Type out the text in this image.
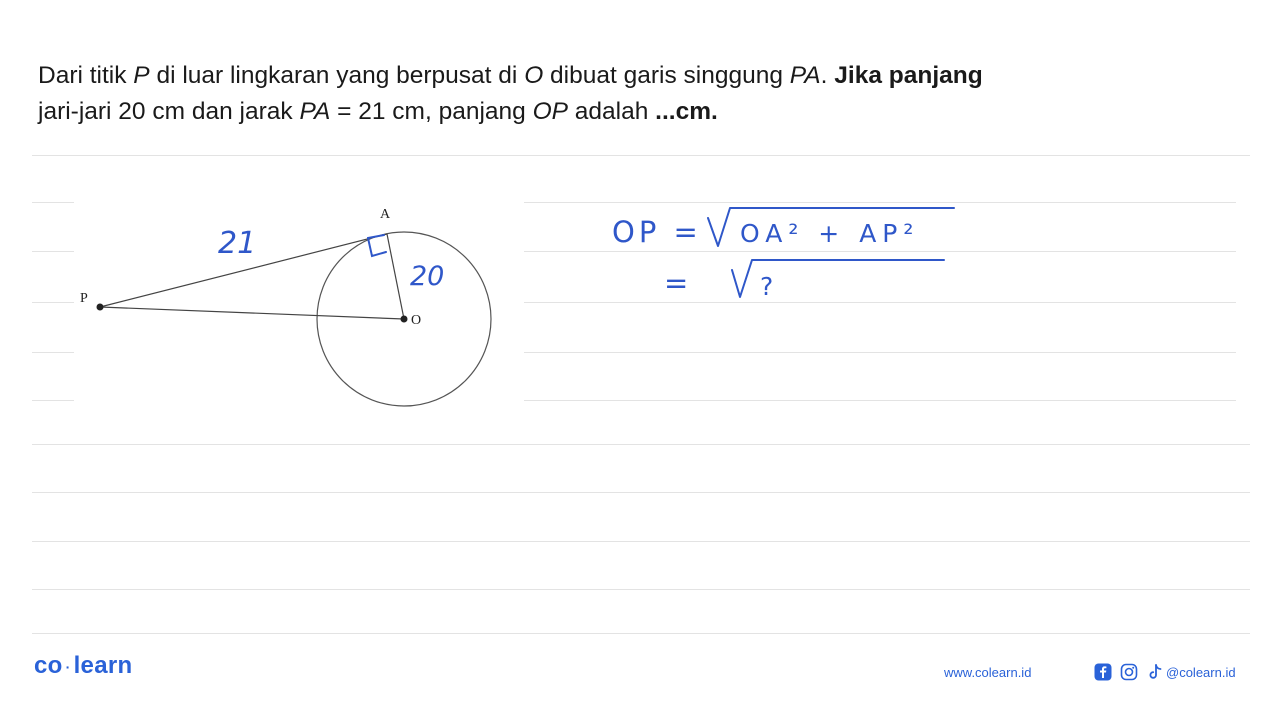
Dari titik P di luar lingkaran yang berpusat di O dibuat garis singgung PA. Jika panjang
jari-jari 20 cm dan jarak PA = 21 cm, panjang OP adalah ...cm.
A
P
O
21
20
OP = OA² + AP²
=	?
co · learn	www.colearn.id	@colearn.id
